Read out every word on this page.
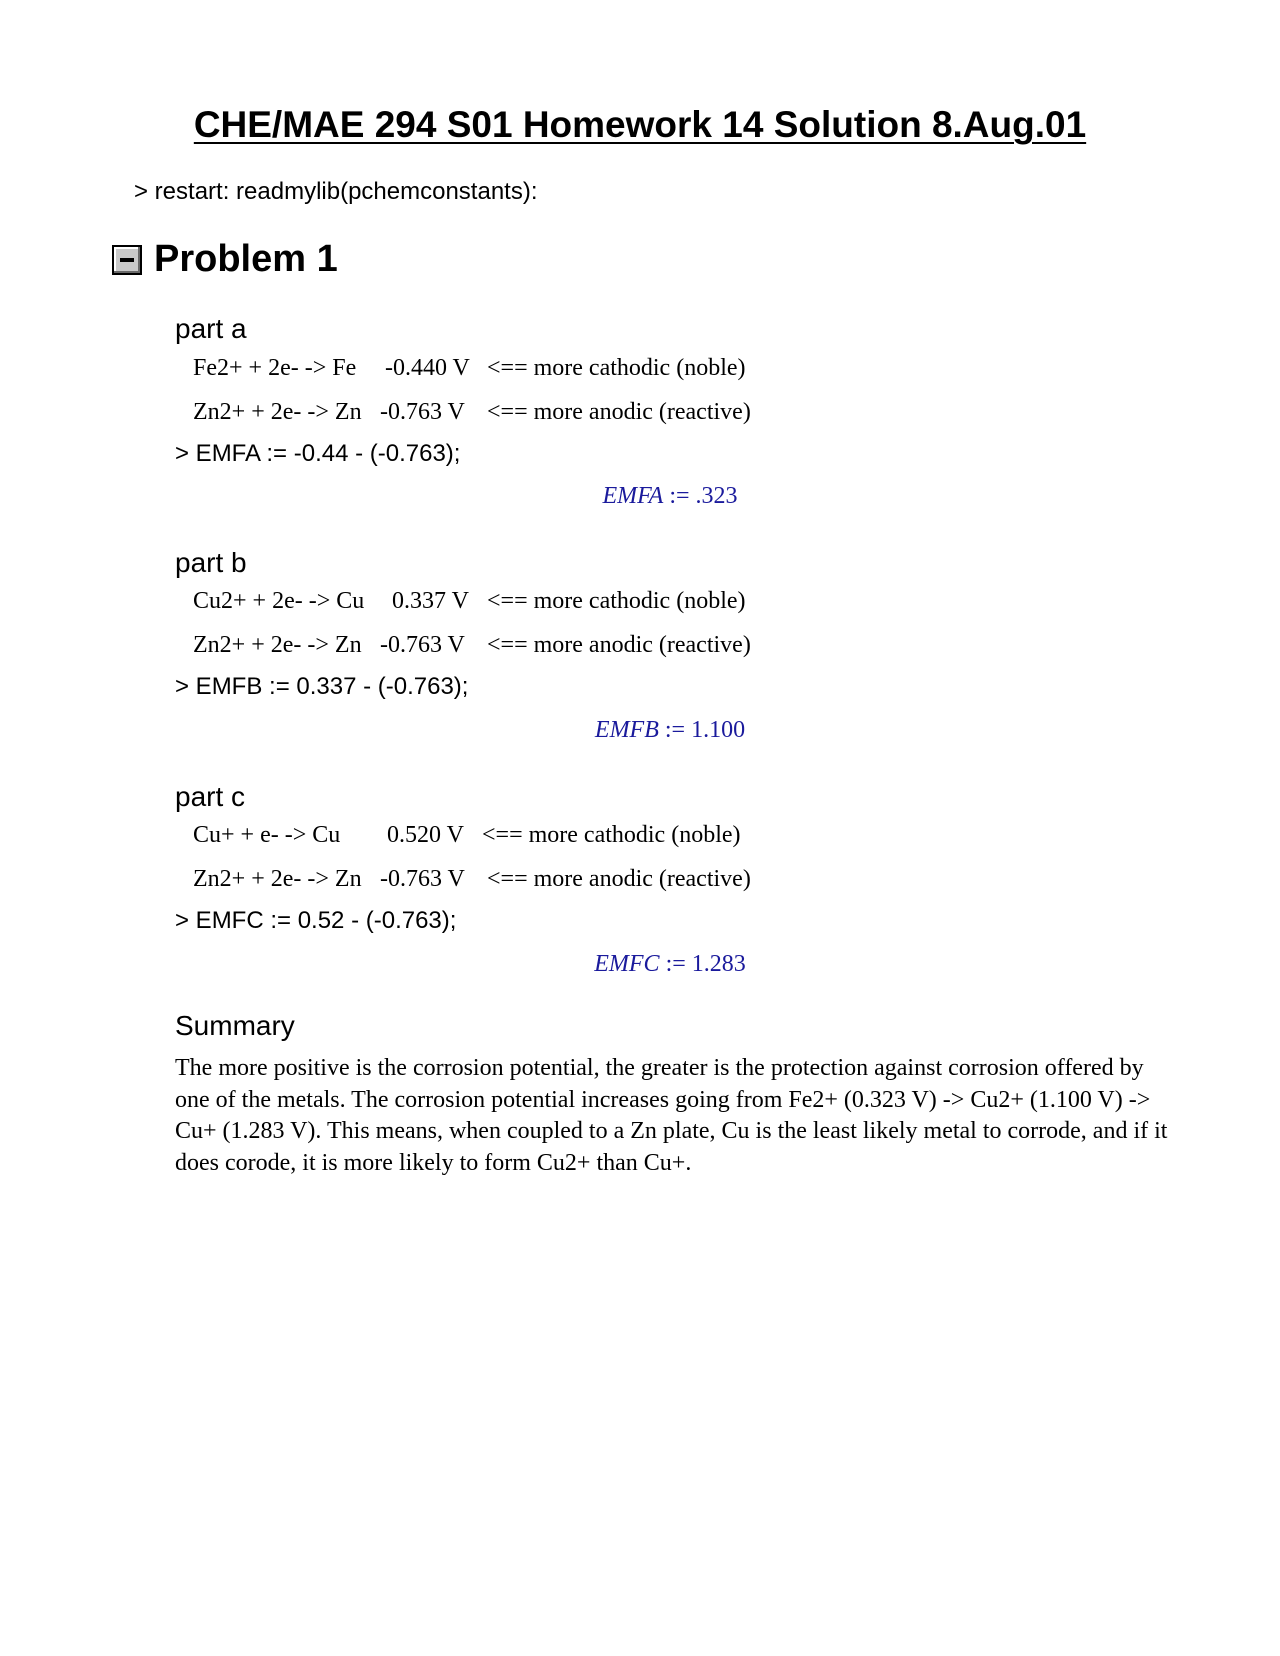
CHE/MAE 294 S01 Homework 14 Solution 8.Aug.01
> restart: readmylib(pchemconstants):
Problem 1
part a

Fe2+ + 2e- -> Fe

-0.440 V

<== more cathodic (noble)

Zn2+ + 2e- -> Zn

-0.763 V

<== more anodic (reactive)

> EMFA := -0.44 - (-0.763);
EMFA := .323
part b

Cu2+ + 2e- -> Cu

0.337 V

<== more cathodic (noble)

Zn2+ + 2e- -> Zn

-0.763 V

<== more anodic (reactive)

> EMFB := 0.337 - (-0.763);
EMFB := 1.100
part c

Cu+ + e- -> Cu

0.520 V

<== more cathodic (noble)

Zn2+ + 2e- -> Zn

-0.763 V

<== more anodic (reactive)

> EMFC := 0.52 - (-0.763);
EMFC := 1.283
Summary
The more positive is the corrosion potential, the greater is the protection against corrosion offered by one of the metals. The corrosion potential increases going from Fe2+ (0.323 V) -> Cu2+ (1.100 V) -> Cu+ (1.283 V). This means, when coupled to a Zn plate, Cu is the least likely metal to corrode, and if it does corode, it is more likely to form Cu2+ than Cu+.
